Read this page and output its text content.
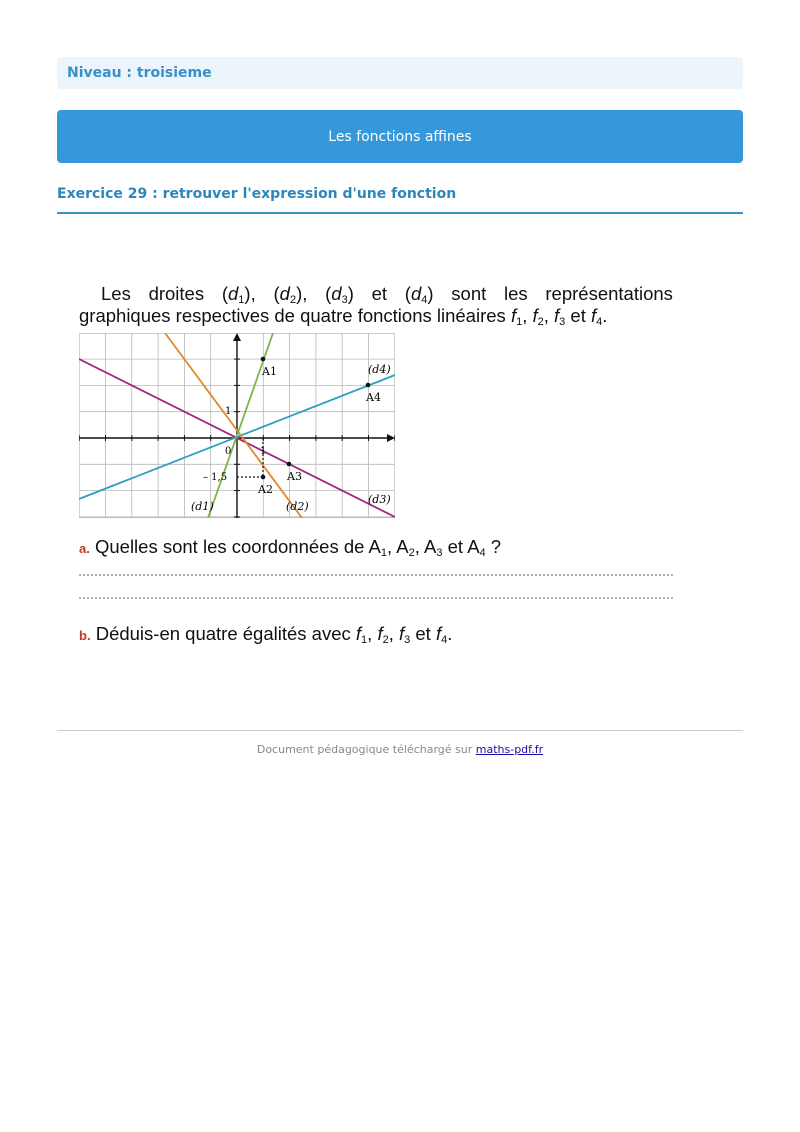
Niveau : troisieme
Les fonctions affines
Exercice 29 : retrouver l'expression d'une fonction
Les droites $(d_1)$, $(d_2)$, $(d_3)$ et $(d_4)$ sont les représentations
graphiques respectives de quatre fonctions linéaires $f_1$, $f_2$, $f_3$ et $f_4$.
A1
A2
A3
A4
(d4)
(d3)
(d1)	(d2)
0	1
1
– 1,5
a. Quelles sont les coordonnées de $A_1$, $A_2$, $A_3$ et $A_4$ ?
b. Déduis-en quatre égalités avec $f_1$, $f_2$, $f_3$ et $f_4$.
Document pédagogique téléchargé sur maths-pdf.fr
